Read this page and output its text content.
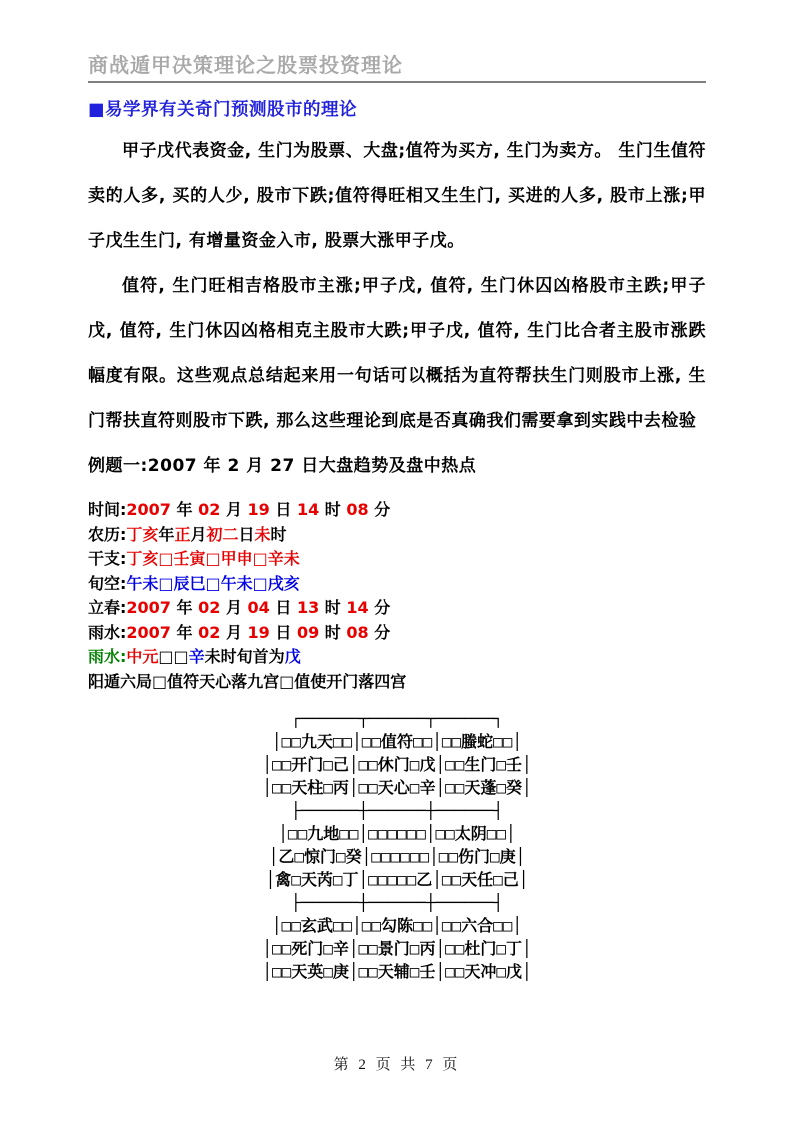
商战遁甲决策理论之股票投资理论
■易学界有关奇门预测股市的理论

甲子戊代表资金, 生门为股票、大盘;值符为买方, 生门为卖方。 生门生值符卖的人多, 买的人少, 股市下跌;值符得旺相又生生门, 买进的人多, 股市上涨;甲子戊生生门, 有增量资金入市, 股票大涨甲子戊。

值符, 生门旺相吉格股市主涨;甲子戊, 值符, 生门休囚凶格股市主跌;甲子戊, 值符, 生门休囚凶格相克主股市大跌;甲子戊, 值符, 生门比合者主股市涨跌幅度有限。这些观点总结起来用一句话可以概括为直符帮扶生门则股市上涨, 生门帮扶直符则股市下跌, 那么这些理论到底是否真确我们需要拿到实践中去检验

例题一:2007 年 2 月 27 日大盘趋势及盘中热点

时间:2007 年 02 月 19 日 14 时 08 分
农历:丁亥年正月初二日未时
干支:丁亥□壬寅□甲申□辛未
旬空:午未□辰巳□午未□戌亥
立春:2007 年 02 月 04 日 13 时 14 分
雨水:2007 年 02 月 19 日 09 时 08 分
雨水:中元□□辛未时旬首为戊
阳遁六局□值符天心落九宫□值使开门落四宫
┌──────┬──────┬──────┐
│□□九天□□│□□值符□□│□□螣蛇□□│
│□□开门□己│□□休门□戊│□□生门□壬│
│□□天柱□丙│□□天心□辛│□□天蓬□癸│
├──────┼──────┼──────┤
│□□九地□□│□□□□□□│□□太阴□□│
│乙□惊门□癸│□□□□□□│□□伤门□庚│
│禽□天芮□丁│□□□□□乙│□□天任□己│
├──────┼──────┼──────┤
│□□玄武□□│□□勾陈□□│□□六合□□│
│□□死门□辛│□□景门□丙│□□杜门□丁│
│□□天英□庚│□□天辅□壬│□□天冲□戊│
第 2 页 共 7 页
